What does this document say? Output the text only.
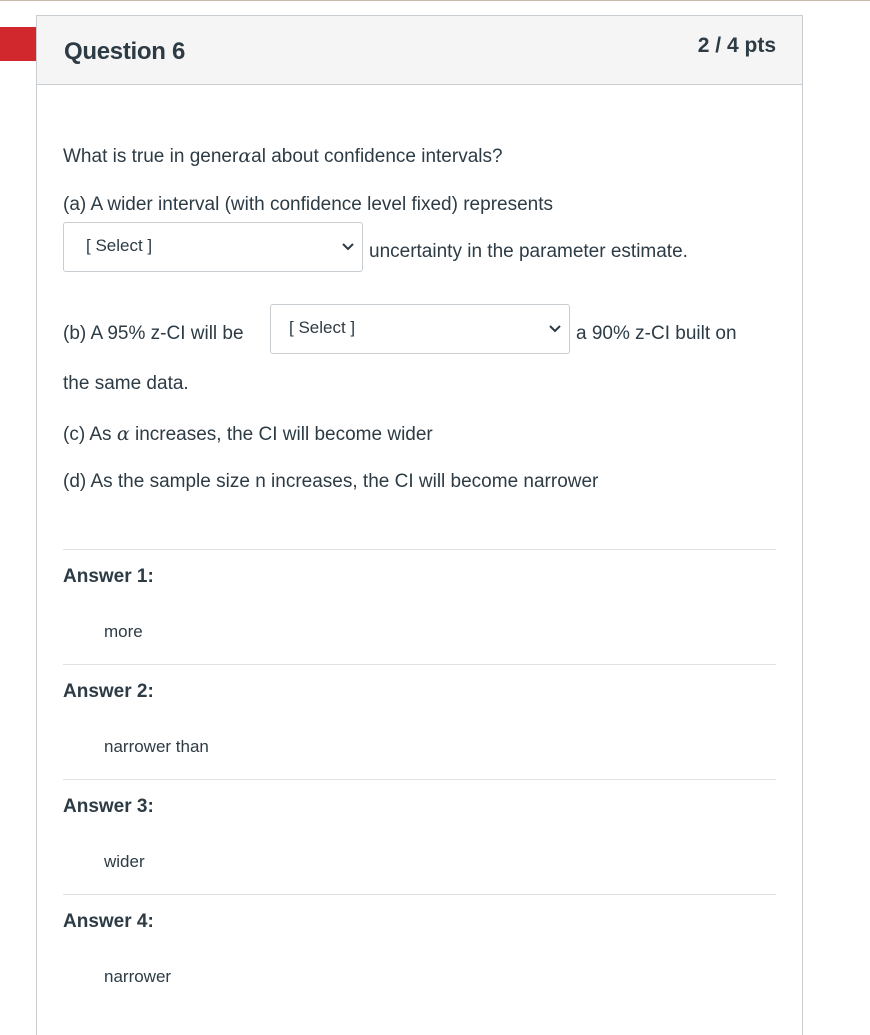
Question 6	2 / 4 pts
What is true in generαal about confidence intervals?
(a) A wider interval (with confidence level fixed) represents
[ Select ]	uncertainty in the parameter estimate.
(b) A 95% z-CI will be	[ Select ]	a 90% z-CI built on
the same data.
(c) As α increases, the CI will become wider
(d) As the sample size n increases, the CI will become narrower
Answer 1:
more
Answer 2:
narrower than
Answer 3:
wider
Answer 4:
narrower
